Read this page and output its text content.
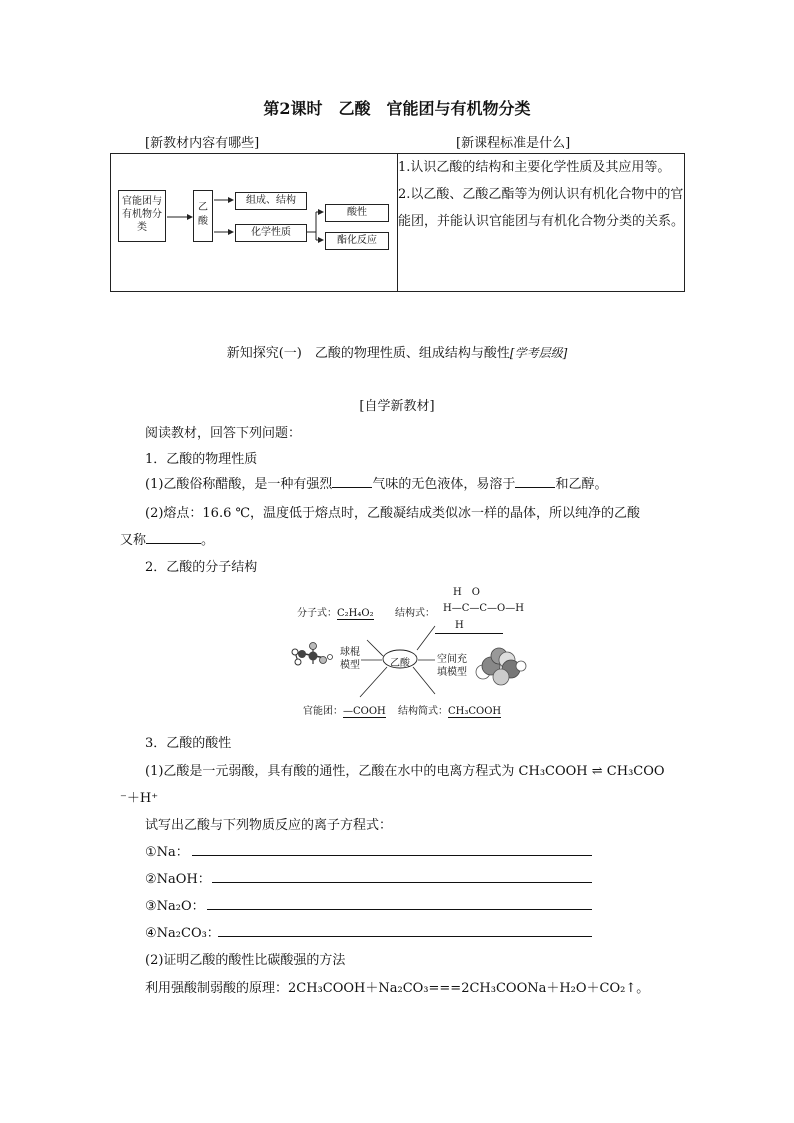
第2课时　乙酸　官能团与有机物分类
[新教材内容有哪些]	[新课程标准是什么]
官能团与有机物分类
乙酸
组成、结构
化学性质
酸性
酯化反应

1.认识乙酸的结构和主要化学性质及其应用等。
2.以乙酸、乙酸乙酯等为例认识有机化合物中的官能团，并能认识官能团与有机化合物分类的关系。
新知探究(一)　乙酸的物理性质、组成结构与酸性[学考层级]
[自学新教材]
阅读教材，回答下列问题：
1．乙酸的物理性质
(1)乙酸俗称醋酸，是一种有强烈	气味的无色液体，易溶于	和乙醇。
(2)熔点：16.6 ℃，温度低于熔点时，乙酸凝结成类似冰一样的晶体，所以纯净的乙酸
又称	。
2．乙酸的分子结构
分子式：C₂H₄O₂ 结构式：
H　O
H—C—C—O—H
H
乙酸
球棍
模型
空间充
填模型
官能团：—COOH 结构简式：CH₃COOH
3．乙酸的酸性
(1)乙酸是一元弱酸，具有酸的通性，乙酸在水中的电离方程式为 CH₃COOH ⇌ CH₃COO
⁻＋H⁺
试写出乙酸与下列物质反应的离子方程式：
①Na：
②NaOH：
③Na₂O：
④Na₂CO₃：
(2)证明乙酸的酸性比碳酸强的方法
利用强酸制弱酸的原理：2CH₃COOH＋Na₂CO₃===2CH₃COONa＋H₂O＋CO₂↑。
